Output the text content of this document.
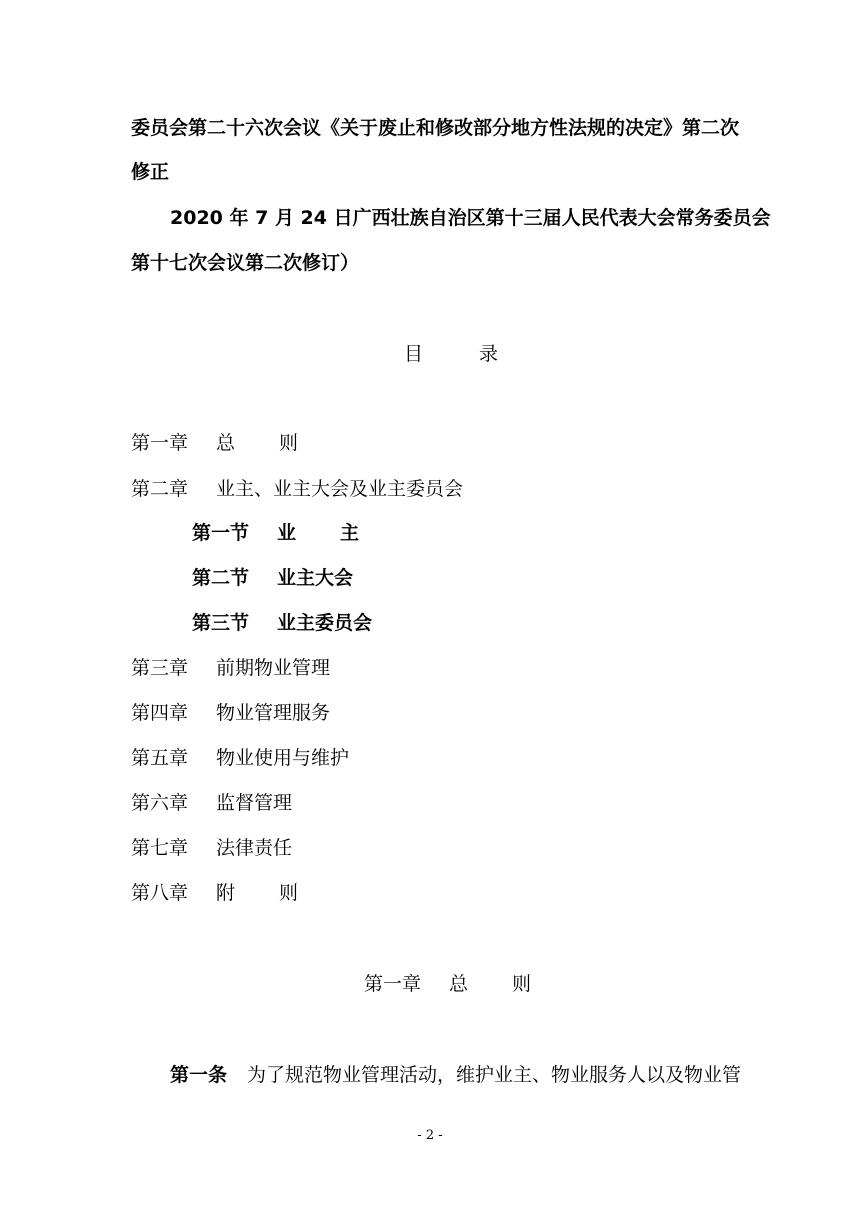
委员会第二十六次会议《关于废止和修改部分地方性法规的决定》第二次
修正
2020 年 7 月 24 日广西壮族自治区第十三届人民代表大会常务委员会
第十七次会议第二次修订）
目	录
第一章 总 则
第二章 业主、业主大会及业主委员会
第一节 业 主
第二节 业主大会
第三节 业主委员会
第三章 前期物业管理
第四章 物业管理服务
第五章 物业使用与维护
第六章 监督管理
第七章 法律责任
第八章 附 则
第一章 总 则
第一条 为了规范物业管理活动，维护业主、物业服务人以及物业管
- 2 -
